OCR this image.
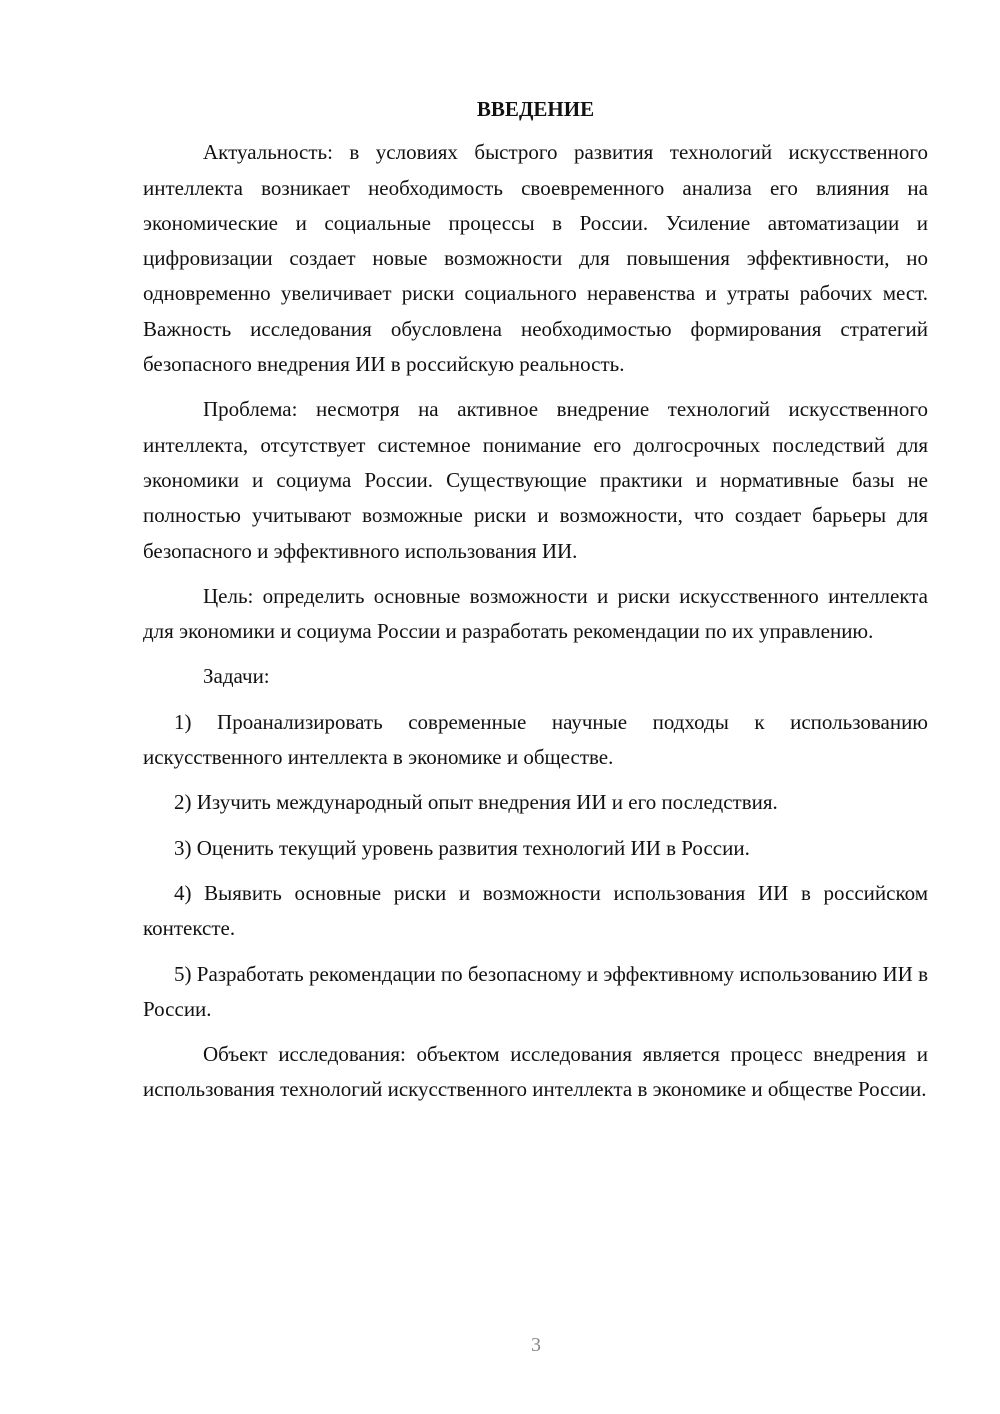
ВВЕДЕНИЕ

Актуальность: в условиях быстрого развития технологий искусственного интеллекта возникает необходимость своевременного анализа его влияния на экономические и социальные процессы в России. Усиление автоматизации и цифровизации создает новые возможности для повышения эффективности, но одновременно увеличивает риски социального неравенства и утраты рабочих мест. Важность исследования обусловлена необходимостью формирования стратегий безопасного внедрения ИИ в российскую реальность.

Проблема: несмотря на активное внедрение технологий искусственного интеллекта, отсутствует системное понимание его долгосрочных последствий для экономики и социума России. Существующие практики и нормативные базы не полностью учитывают возможные риски и возможности, что создает барьеры для безопасного и эффективного использования ИИ.

Цель: определить основные возможности и риски искусственного интеллекта для экономики и социума России и разработать рекомендации по их управлению.

Задачи:

1) Проанализировать современные научные подходы к использованию искусственного интеллекта в экономике и обществе.

2) Изучить международный опыт внедрения ИИ и его последствия.

3) Оценить текущий уровень развития технологий ИИ в России.

4) Выявить основные риски и возможности использования ИИ в российском контексте.

5) Разработать рекомендации по безопасному и эффективному использованию ИИ в России.

Объект исследования: объектом исследования является процесс внедрения и использования технологий искусственного интеллекта в экономике и обществе России.

3
